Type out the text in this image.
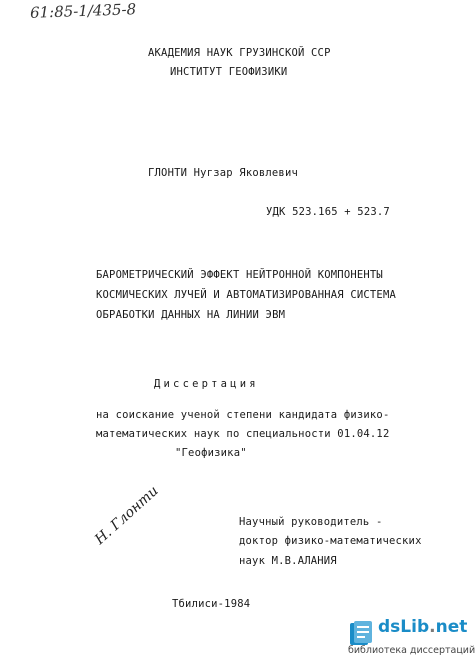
61:85-1/435-8
АКАДЕМИЯ НАУК ГРУЗИНСКОЙ ССР
ИНСТИТУТ ГЕОФИЗИКИ
ГЛОНТИ Нугзар Яковлевич
УДК 523.165 + 523.7
БАРОМЕТРИЧЕСКИЙ ЭФФЕКТ НЕЙТРОННОЙ КОМПОНЕНТЫ
КОСМИЧЕСКИХ ЛУЧЕЙ И АВТОМАТИЗИРОВАННАЯ СИСТЕМА
ОБРАБОТКИ ДАННЫХ НА ЛИНИИ ЭВМ
Диссертация
на соискание ученой степени кандидата физико-
математических наук по специальности 01.04.12
"Геофизика"
Научный руководитель -
доктор физико-математических
наук М.В.АЛАНИЯ
Н. Глонти
Тбилиси-1984
dsLib.net
библиотека диссертаций
